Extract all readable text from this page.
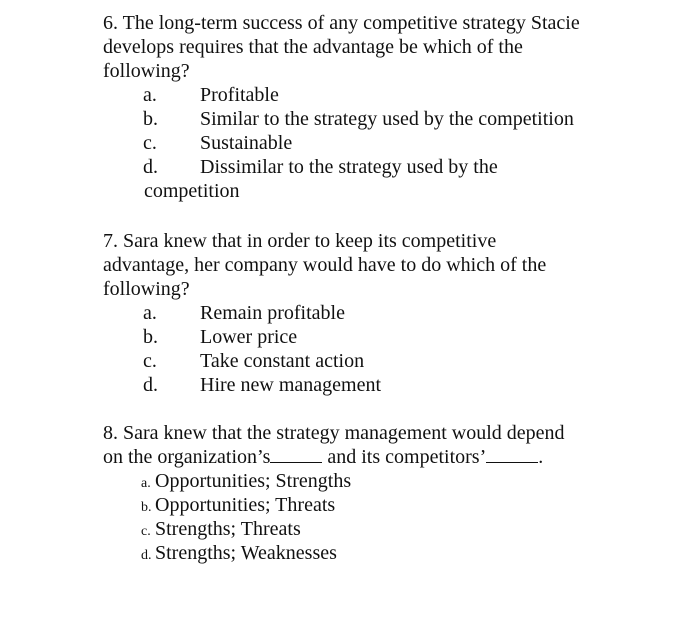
6. The long-term success of any competitive strategy Stacie
develops requires that the advantage be which of the
following?

a. Profitable
b. Similar to the strategy used by the competition
c. Sustainable
d. Dissimilar to the strategy used by the
competition

7. Sara knew that in order to keep its competitive
advantage, her company would have to do which of the
following?

a. Remain profitable
b. Lower price
c. Take constant action
d. Hire new management

8. Sara knew that the strategy management would depend
on the organization’s	and its competitors’	.

a. Opportunities; Strengths
b. Opportunities; Threats
c. Strengths; Threats
d. Strengths; Weaknesses
